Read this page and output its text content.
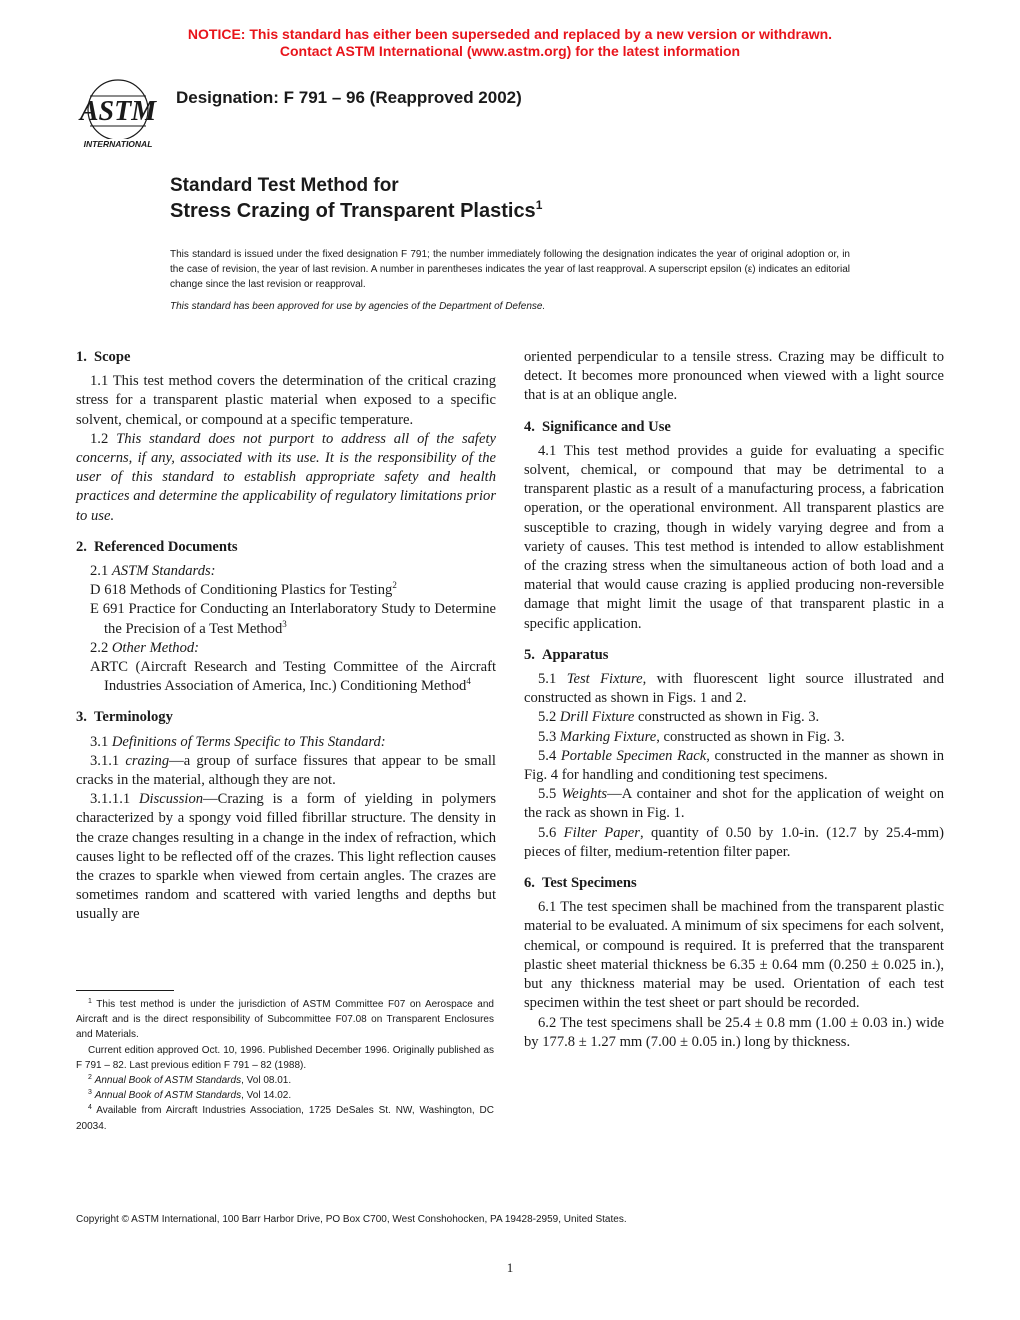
NOTICE: This standard has either been superseded and replaced by a new version or withdrawn.
Contact ASTM International (www.astm.org) for the latest information
ASTM
INTERNATIONAL
Designation: F 791 – 96 (Reapproved 2002)
Standard Test Method for
Stress Crazing of Transparent Plastics$^1$
This standard is issued under the fixed designation F 791; the number immediately following the designation indicates the year of original adoption or, in the case of revision, the year of last revision. A number in parentheses indicates the year of last reapproval. A superscript epsilon (ε) indicates an editorial change since the last revision or reapproval.
This standard has been approved for use by agencies of the Department of Defense.
1. Scope

1.1 This test method covers the determination of the critical crazing stress for a transparent plastic material when exposed to a specific solvent, chemical, or compound at a specific temperature.

1.2 This standard does not purport to address all of the safety concerns, if any, associated with its use. It is the responsibility of the user of this standard to establish appropriate safety and health practices and determine the applicability of regulatory limitations prior to use.

2. Referenced Documents

2.1 ASTM Standards:

D 618 Methods of Conditioning Plastics for Testing$^2$

E 691 Practice for Conducting an Interlaboratory Study to Determine the Precision of a Test Method$^3$

2.2 Other Method:

ARTC (Aircraft Research and Testing Committee of the Aircraft Industries Association of America, Inc.) Conditioning Method$^4$

3. Terminology

3.1 Definitions of Terms Specific to This Standard:

3.1.1 crazing—a group of surface fissures that appear to be small cracks in the material, although they are not.

3.1.1.1 Discussion—Crazing is a form of yielding in polymers characterized by a spongy void filled fibrillar structure. The density in the craze changes resulting in a change in the index of refraction, which causes light to be reflected off of the crazes. This light reflection causes the crazes to sparkle when viewed from certain angles. The crazes are sometimes random and scattered with varied lengths and depths but usually are

$^1$ This test method is under the jurisdiction of ASTM Committee F07 on Aerospace and Aircraft and is the direct responsibility of Subcommittee F07.08 on Transparent Enclosures and Materials.

Current edition approved Oct. 10, 1996. Published December 1996. Originally published as F 791 – 82. Last previous edition F 791 – 82 (1988).

$^2$ Annual Book of ASTM Standards, Vol 08.01.

$^3$ Annual Book of ASTM Standards, Vol 14.02.

$^4$ Available from Aircraft Industries Association, 1725 DeSales St. NW, Washington, DC 20034.

oriented perpendicular to a tensile stress. Crazing may be difficult to detect. It becomes more pronounced when viewed with a light source that is at an oblique angle.

4. Significance and Use

4.1 This test method provides a guide for evaluating a specific solvent, chemical, or compound that may be detrimental to a transparent plastic as a result of a manufacturing process, a fabrication operation, or the operational environment. All transparent plastics are susceptible to crazing, though in widely varying degree and from a variety of causes. This test method is intended to allow establishment of the crazing stress when the simultaneous action of both load and a material that would cause crazing is applied producing non-reversible damage that might limit the usage of that transparent plastic in a specific application.

5. Apparatus

5.1 Test Fixture, with fluorescent light source illustrated and constructed as shown in Figs. 1 and 2.

5.2 Drill Fixture constructed as shown in Fig. 3.

5.3 Marking Fixture, constructed as shown in Fig. 3.

5.4 Portable Specimen Rack, constructed in the manner as shown in Fig. 4 for handling and conditioning test specimens.

5.5 Weights—A container and shot for the application of weight on the rack as shown in Fig. 1.

5.6 Filter Paper, quantity of 0.50 by 1.0-in. (12.7 by 25.4-mm) pieces of filter, medium-retention filter paper.

6. Test Specimens

6.1 The test specimen shall be machined from the transparent plastic material to be evaluated. A minimum of six specimens for each solvent, chemical, or compound is required. It is preferred that the transparent plastic sheet material thickness be 6.35 ± 0.64 mm (0.250 ± 0.025 in.), but any thickness material may be used. Orientation of each test specimen within the test sheet or part should be recorded.

6.2 The test specimens shall be 25.4 ± 0.8 mm (1.00 ± 0.03 in.) wide by 177.8 ± 1.27 mm (7.00 ± 0.05 in.) long by thickness.

Copyright © ASTM International, 100 Barr Harbor Drive, PO Box C700, West Conshohocken, PA 19428-2959, United States.
1
